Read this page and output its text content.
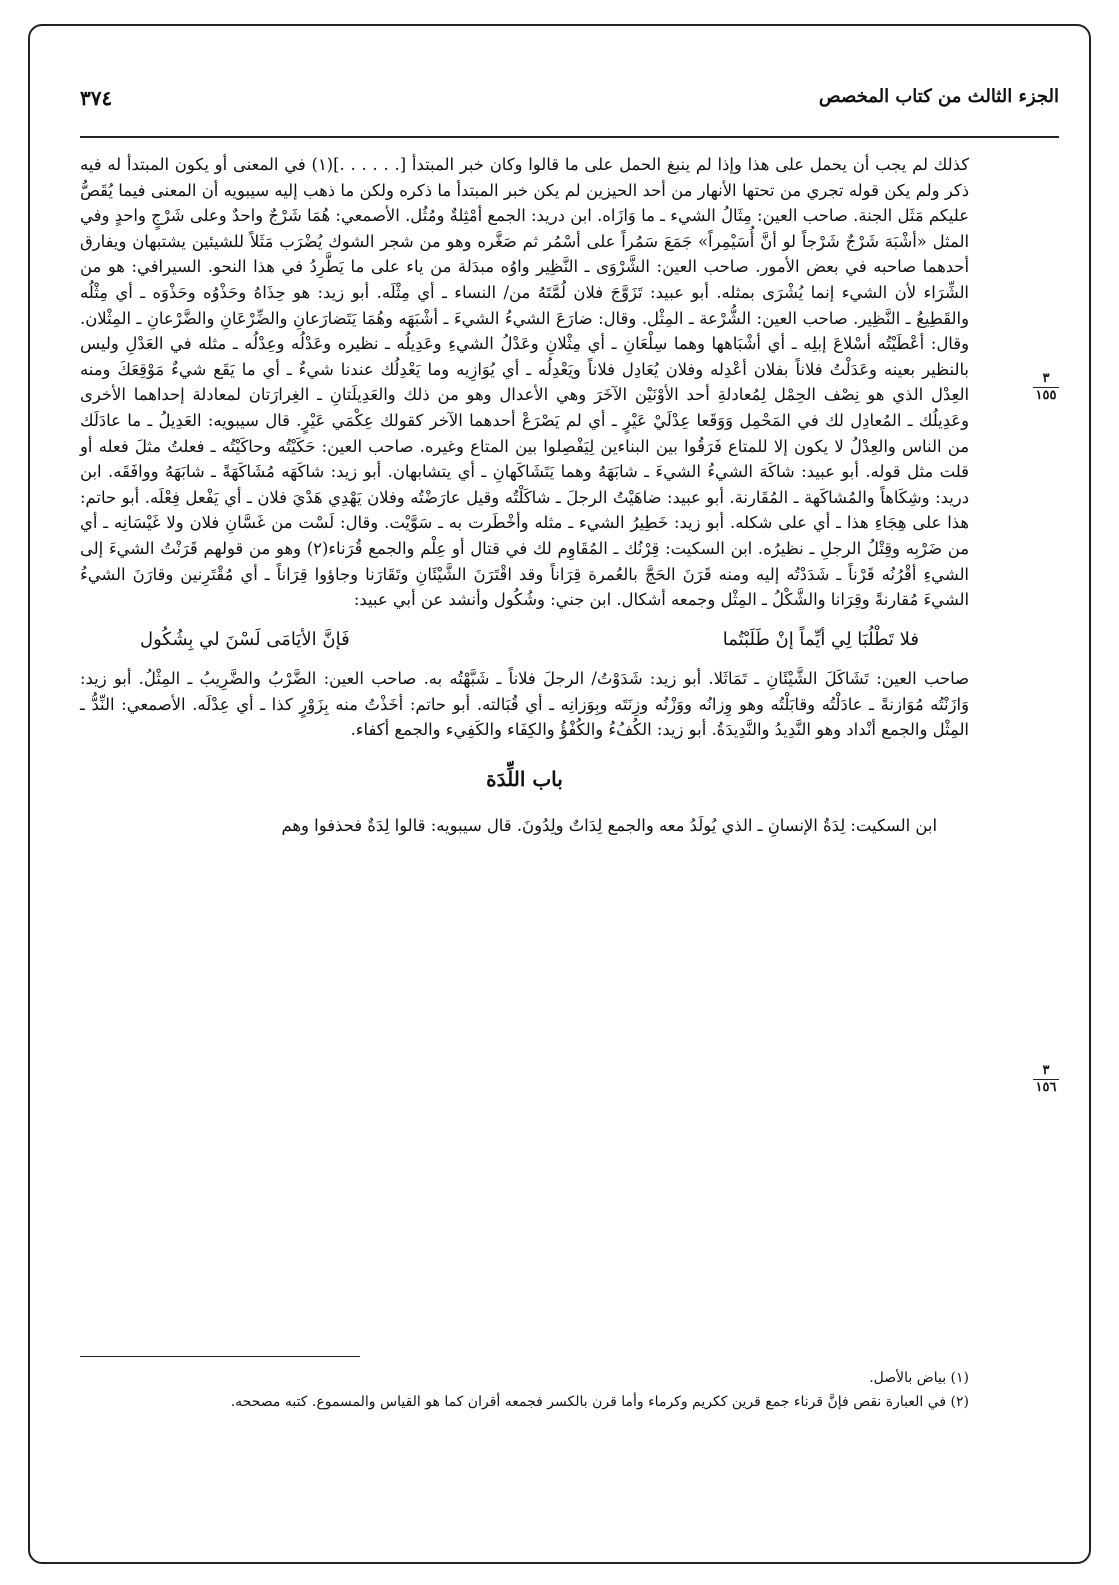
الجزء الثالث من كتاب المخصص
٣٧٤
٣
١٥٥
٣
١٥٦

كذلك لم يجب أن يحمل على هذا وإذا لم ينبغ الحمل على ما قالوا وكان خبر المبتدأ [. . . . . .](١) في المعنى أو يكون المبتدأ له فيه ذكر ولم يكن قوله تجري من تحتها الأنهار من أحد الحيزين لم يكن خبر المبتدأ ما ذكره ولكن ما ذهب إليه سيبويه أن المعنى فيما يُقَصُّ عليكم مَثَل الجنة. صاحب العين: مِثَالُ الشيء ـ ما وَازَاه. ابن دريد: الجمع أمْثِلةٌ ومُثُل. الأصمعي: هُمَا شَرْجٌ واحدٌ وعلى شَرْجٍ واحدٍ وفي المثل «أشْبَهَ شَرْجٌ شَرْجاً لو أنَّ أُسَيْمِراً» جَمَعَ سَمُراً على أسْمُر ثم صَغَّره وهو من شجر الشوك يُضْرَب مَثَلاً للشيئين يشتبهان ويفارق أحدهما صاحبه في بعض الأمور. صاحب العين: الشَّرْوَى ـ النَّظِير واوُه مبدَلة من ياء على ما يَطَّرِدُ في هذا النحو. السيرافي: هو من الشِّرَاء لأن الشيء إنما يُشْرَى بمثله. أبو عبيد: تَزَوَّجَ فلان لُمَّتَهُ من/ النساء ـ أي مِثْلَه. أبو زيد: هو حِذَاهُ وحَذْوُه وحَذْوَه ـ أي مِثْلُه والقَطِيعُ ـ النَّظِير. صاحب العين: الشُّرْعة ـ المِثْل. وقال: ضارَعَ الشيءُ الشيءَ ـ أشْبَهَه وهُمَا يَتَضارَعانِ والضِّرْعَانِ والضَّرْعانِ ـ المِثْلان. وقال: أعْطَيْتُه أسْلاعَ إبلِه ـ أي أشْبَاهها وهما سِلْعَانِ ـ أي مِثْلانِ وعَدْلُ الشيءِ وعَدِيلُه ـ نظيره وعَدْلُه وعِدْلُه ـ مثله في العَدْلِ وليس بالنظير بعينه وعَدَلْتُ فلاناً بفلان أعْدِله وفلان يُعَادِل فلاناً ويَعْدِلُه ـ أي يُوَازِيه وما يَعْدِلُك عندنا شيءٌ ـ أي ما يَقَع شيءٌ مَوْقِعَكَ ومنه العِدْل الذي هو نِصْف الحِمْل لِمُعادلةِ أحد الأوْنَيْن الآخَرَ وهي الأعدال وهو من ذلك والعَدِيلَتانِ ـ الغِرارَتان لمعادلة إحداهما الأخرى وعَدِيلُك ـ المُعادِل لك في المَحْمِل وَوَقَعا عِدْلَيْ عَيْرٍ ـ أي لم يَصْرَعْ أحدهما الآخر كقولك عِكْمَي عَيْرٍ. قال سيبويه: العَدِيلُ ـ ما عادَلَك من الناس والعِدْلُ لا يكون إلا للمتاع فَرَقُوا بين البناءين لِيَفْصِلوا بين المتاع وغيره. صاحب العين: حَكَيْتُه وحاكَيْتُه ـ فعلتُ مثلَ فعله أو قلت مثل قوله. أبو عبيد: شاكَهَ الشيءُ الشيءَ ـ شابَهَهُ وهما يَتَشَاكَهانِ ـ أي يتشابهان. أبو زيد: شاكَهَه مُشَاكَهَةً ـ شابَهَهُ ووافَقَه. ابن دريد: وشِكَاهاً والمُشاكَهة ـ المُقَارنة. أبو عبيد: ضاهَيْتُ الرجلَ ـ شاكَلْتُه وقيل عارَضْتُه وفلان يَهْدِي هَدْيَ فلان ـ أي يَفْعل فِعْلَه. أبو حاتم: هذا على هِجَاءِ هذا ـ أي على شكله. أبو زيد: خَطِيرُ الشيء ـ مثله وأخْطَرت به ـ سَوَّيْت. وقال: لَسْت من غَسَّانِ فلان ولا غَيْسَانِه ـ أي من ضَرْبِه وقِتْلُ الرجلِ ـ نظيرُه. ابن السكيت: قِرْنُك ـ المُقَاوِم لك في قتال أو عِلْم والجمع قُرَناء(٢) وهو من قولهم قَرَنْتُ الشيءَ إلى الشيءِ أقْرُنُه قَرْناً ـ شَدَدْتُه إليه ومنه قَرَنَ الحَجَّ بالعُمرة قِرَاناً وقد اقْتَرَنَ الشَّيْئَانِ وتَقَارَنا وجاؤوا قِرَاناً ـ أي مُقْتَرِنين وقارَنَ الشيءُ الشيءَ مُقارنةً وقِرَانا والشَّكْلُ ـ المِثْل وجمعه أشكال. ابن جني: وشُكُول وأنشد عن أبي عبيد:

فلا تَطْلُبَا لِي أيِّماً إنْ طَلَبْتُما
فَإنَّ الأيَامَى لَسْنَ لي بِشُكُول

صاحب العين: تَشَاكَلَ الشَّيْئَانِ ـ تَمَاثَلا. أبو زيد: شَدَوْتُ/ الرجلَ فلاناً ـ شَبَّهْتُه به. صاحب العين: الضَّرْبُ والضَّرِيبُ ـ المِثْلُ. أبو زيد: وَازَنْتُه مُوَازنةً ـ عادَلْتُه وقابَلْتُه وهو وِزانُه ووَزْنُه وزِنَتَه وبِوَزانِه ـ أي قُبَالته. أبو حاتم: أخَذْتُ منه بِزَوْرٍ كذا ـ أي عِدْلَه. الأصمعي: النِّدُّ ـ المِثْل والجمع أنْداد وهو النَّدِيدُ والنَّدِيدَةُ. أبو زيد: الكُفُءُ والكُفْؤُ والكِفَاء والكَفِيء والجمع أكفاء.

باب اللِّدَة

ابن السكيت: لِدَةُ الإنسانِ ـ الذي يُولَدُ معه والجمع لِدَاتٌ ولِدُونَ. قال سيبويه: قالوا لِدَةٌ فحذفوا وهم

(١) بياض بالأصل.

(٢) في العبارة نقص فإنَّ قرناء جمع قرين ككريم وكرماء وأما قرن بالكسر فجمعه أقران كما هو القياس والمسموع. كتبه مصححه.
